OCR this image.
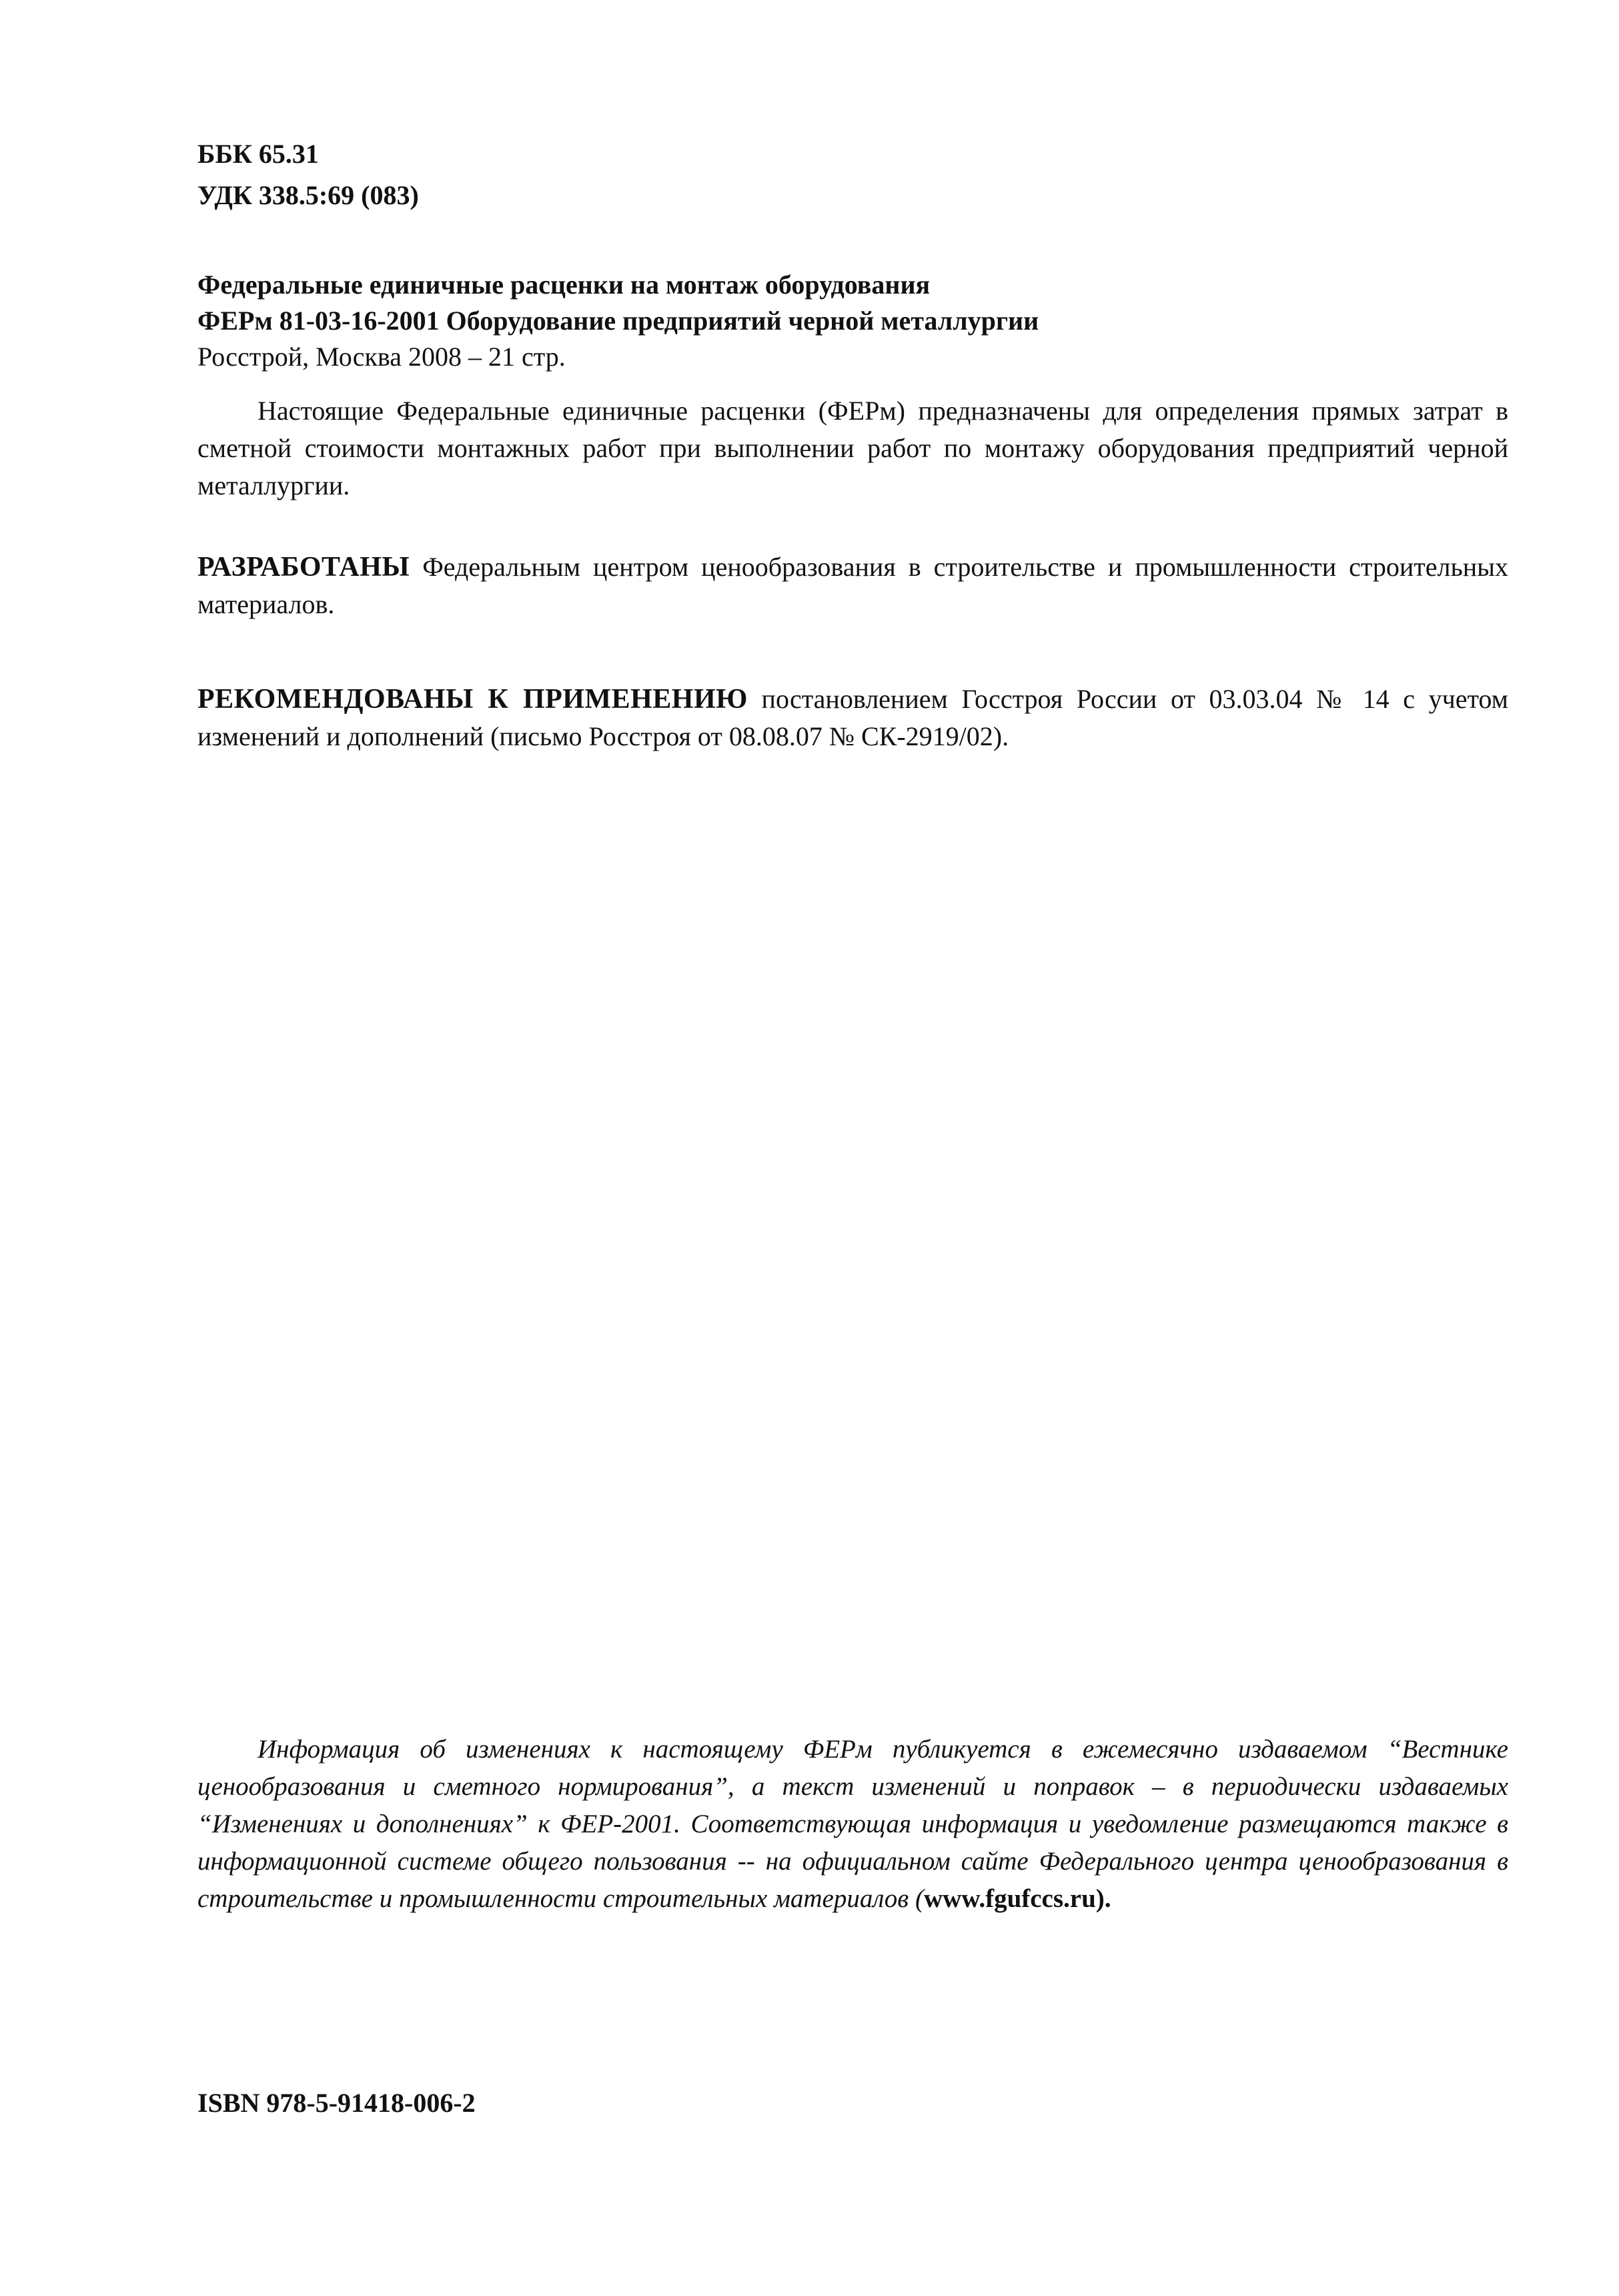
ББК 65.31
УДК 338.5:69 (083)
Федеральные единичные расценки на монтаж оборудования
ФЕРм 81-03-16-2001 Оборудование предприятий черной металлургии
Росстрой, Москва 2008 – 21 стр.
Настоящие Федеральные единичные расценки (ФЕРм) предназначены для определения прямых затрат в сметной стоимости монтажных работ при выполнении работ по монтажу оборудования предприятий черной металлургии.
РАЗРАБОТАНЫ Федеральным центром ценообразования в строительстве и промышленности строительных материалов.
РЕКОМЕНДОВАНЫ К ПРИМЕНЕНИЮ постановлением Госстроя России от 03.03.04 № 14 с учетом изменений и дополнений (письмо Росстроя от 08.08.07 № СК-2919/02).
Информация об изменениях к настоящему ФЕРм публикуется в ежемесячно издаваемом “Вестнике ценообразования и сметного нормирования”, а текст изменений и поправок – в периодически издаваемых “Изменениях и дополнениях” к ФЕР-2001. Соответствующая информация и уведомление размещаются также в информационной системе общего пользования -- на официальном сайте Федерального центра ценообразования в строительстве и промышленности строительных материалов (www.fgufccs.ru).
ISBN 978-5-91418-006-2
